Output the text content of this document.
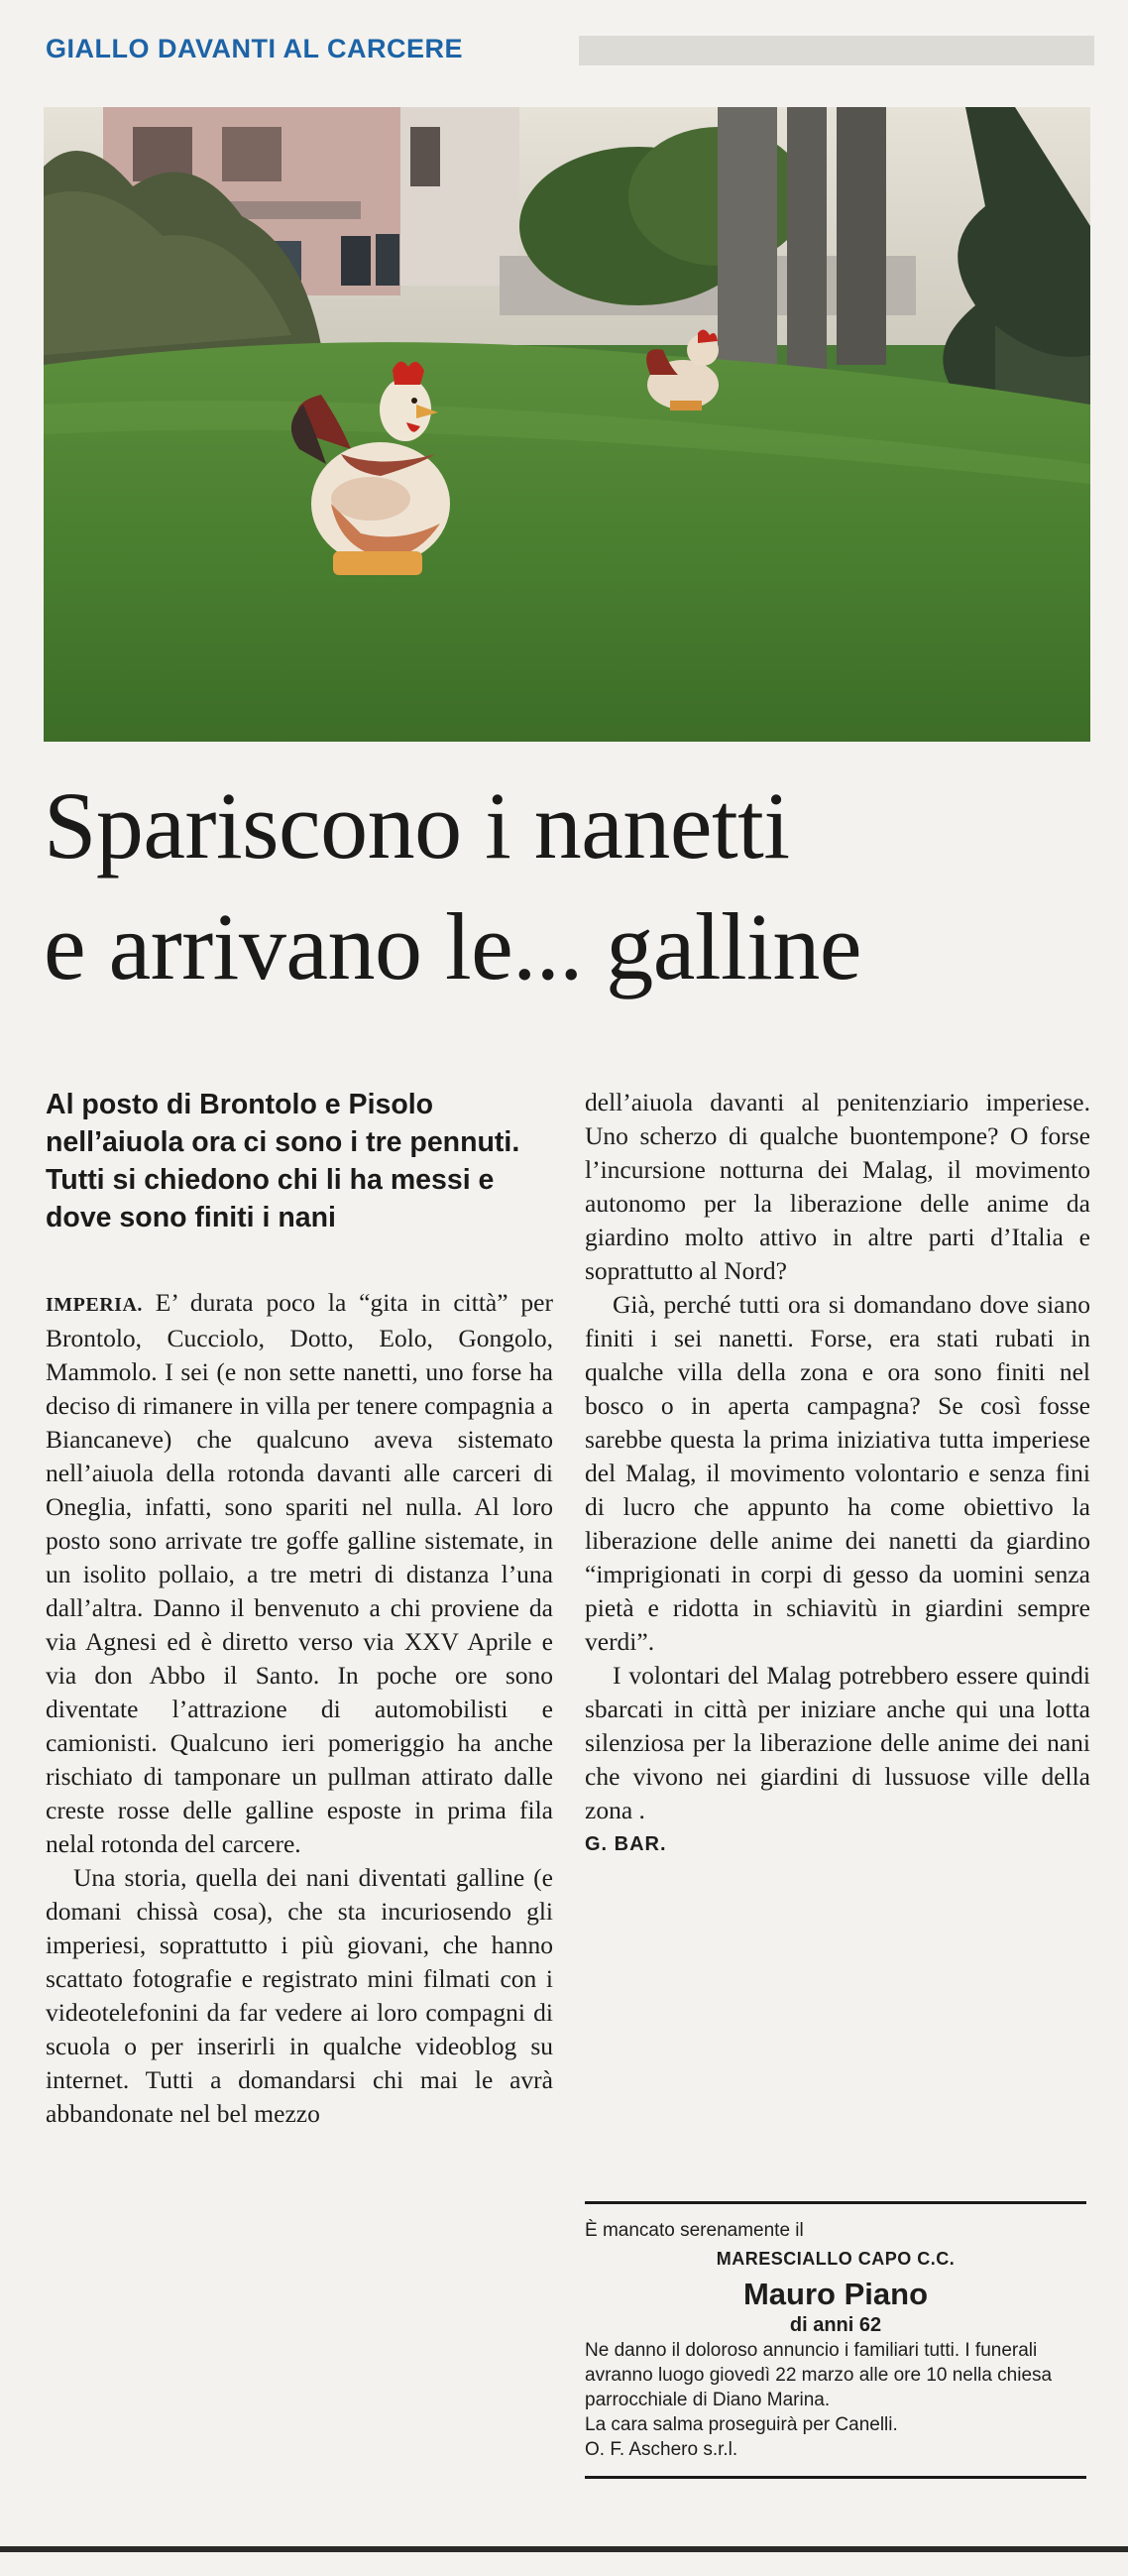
GIALLO DAVANTI AL CARCERE
Spariscono i nanetti
e arrivano le... galline
Al posto di Brontolo e Pisolo nell’aiuola ora ci sono i tre pennuti. Tutti si chiedono chi li ha messi e dove sono finiti i nani

IMPERIA. E’ durata poco la “gita in città” per Brontolo, Cucciolo, Dotto, Eolo, Gongolo, Mammolo. I sei (e non sette nanetti, uno forse ha deciso di rimanere in villa per tenere compagnia a Biancaneve) che qualcuno aveva sistemato nell’aiuola della rotonda davanti alle carceri di Oneglia, infatti, sono spariti nel nulla. Al loro posto sono arrivate tre goffe galline sistemate, in un isolito pollaio, a tre metri di distanza l’una dall’altra. Danno il benvenuto a chi proviene da via Agnesi ed è diretto verso via XXV Aprile e via don Abbo il Santo. In poche ore sono diventate l’attrazione di automobilisti e camionisti. Qualcuno ieri pomeriggio ha anche rischiato di tamponare un pullman attirato dalle creste rosse delle galline esposte in prima fila nelal rotonda del carcere.

Una storia, quella dei nani diventati galline (e domani chissà cosa), che sta incuriosendo gli imperiesi, soprattutto i più giovani, che hanno scattato fotografie e registrato mini filmati con i videotelefonini da far vedere ai loro compagni di scuola o per inserirli in qualche videoblog su internet. Tutti a domandarsi chi mai le avrà abbandonate nel bel mezzo

dell’aiuola davanti al penitenziario imperiese. Uno scherzo di qualche buontempone? O forse l’incursione notturna dei Malag, il movimento autonomo per la liberazione delle anime da giardino molto attivo in altre parti d’Italia e soprattutto al Nord?

Già, perché tutti ora si domandano dove siano finiti i sei nanetti. Forse, era stati rubati in qualche villa della zona e ora sono finiti nel bosco o in aperta campagna? Se così fosse sarebbe questa la prima iniziativa tutta imperiese del Malag, il movimento volontario e senza fini di lucro che appunto ha come obiettivo la liberazione delle anime dei nanetti da giardino “imprigionati in corpi di gesso da uomini senza pietà e ridotta in schiavitù in giardini sempre verdi”.

I volontari del Malag potrebbero essere quindi sbarcati in città per iniziare anche qui una lotta silenziosa per la liberazione delle anime dei nani che vivono nei giardini di lussuose ville della zona .

G. BAR.
È mancato serenamente il
MARESCIALLO CAPO C.C.
Mauro Piano
di anni 62
Ne danno il doloroso annuncio i familiari tutti. I funerali avranno luogo giovedì 22 marzo alle ore 10 nella chiesa parrocchiale di Diano Marina.
La cara salma proseguirà per Canelli.
O. F. Aschero s.r.l.
